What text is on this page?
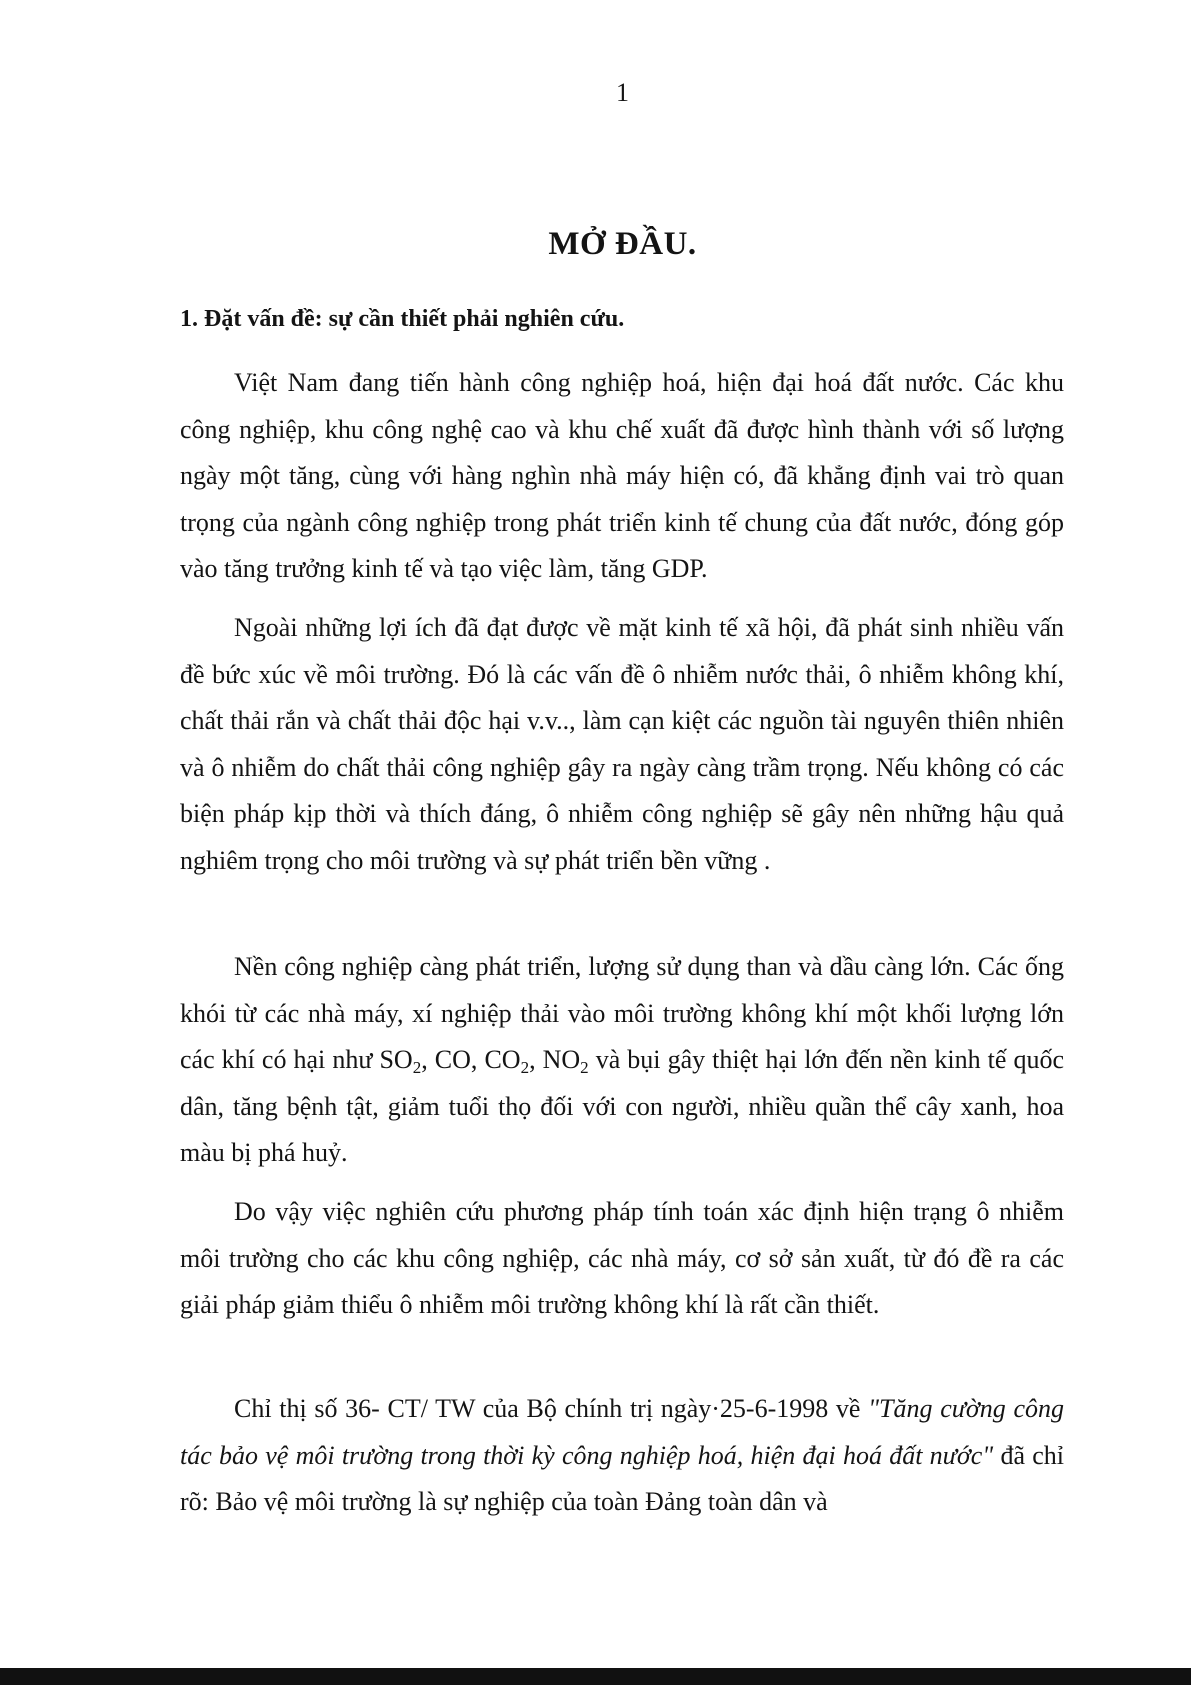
1
MỞ ĐẦU.
1. Đặt vấn đề: sự cần thiết phải nghiên cứu.

Việt Nam đang tiến hành công nghiệp hoá, hiện đại hoá đất nước. Các khu công nghiệp, khu công nghệ cao và khu chế xuất đã được hình thành với số lượng ngày một tăng, cùng với hàng nghìn nhà máy hiện có, đã khẳng định vai trò quan trọng của ngành công nghiệp trong phát triển kinh tế chung của đất nước, đóng góp vào tăng trưởng kinh tế và tạo việc làm, tăng GDP.

Ngoài những lợi ích đã đạt được về mặt kinh tế xã hội, đã phát sinh nhiều vấn đề bức xúc về môi trường. Đó là các vấn đề ô nhiễm nước thải, ô nhiễm không khí, chất thải rắn và chất thải độc hại v.v.., làm cạn kiệt các nguồn tài nguyên thiên nhiên và ô nhiễm do chất thải công nghiệp gây ra ngày càng trầm trọng. Nếu không có các biện pháp kịp thời và thích đáng, ô nhiễm công nghiệp sẽ gây nên những hậu quả nghiêm trọng cho môi trường và sự phát triển bền vững .

Nền công nghiệp càng phát triển, lượng sử dụng than và dầu càng lớn. Các ống khói từ các nhà máy, xí nghiệp thải vào môi trường không khí một khối lượng lớn các khí có hại như $SO_2$, CO, $CO_2$, $NO_2$ và bụi gây thiệt hại lớn đến nền kinh tế quốc dân, tăng bệnh tật, giảm tuổi thọ đối với con người, nhiều quần thể cây xanh, hoa màu bị phá huỷ.

Do vậy việc nghiên cứu phương pháp tính toán xác định hiện trạng ô nhiễm môi trường cho các khu công nghiệp, các nhà máy, cơ sở sản xuất, từ đó đề ra các giải pháp giảm thiểu ô nhiễm môi trường không khí là rất cần thiết.

Chỉ thị số 36- CT/ TW của Bộ chính trị ngày·25-6-1998 về "Tăng cường công tác bảo vệ môi trường trong thời kỳ công nghiệp hoá, hiện đại hoá đất nước" đã chỉ rõ: Bảo vệ môi trường là sự nghiệp của toàn Đảng toàn dân và
